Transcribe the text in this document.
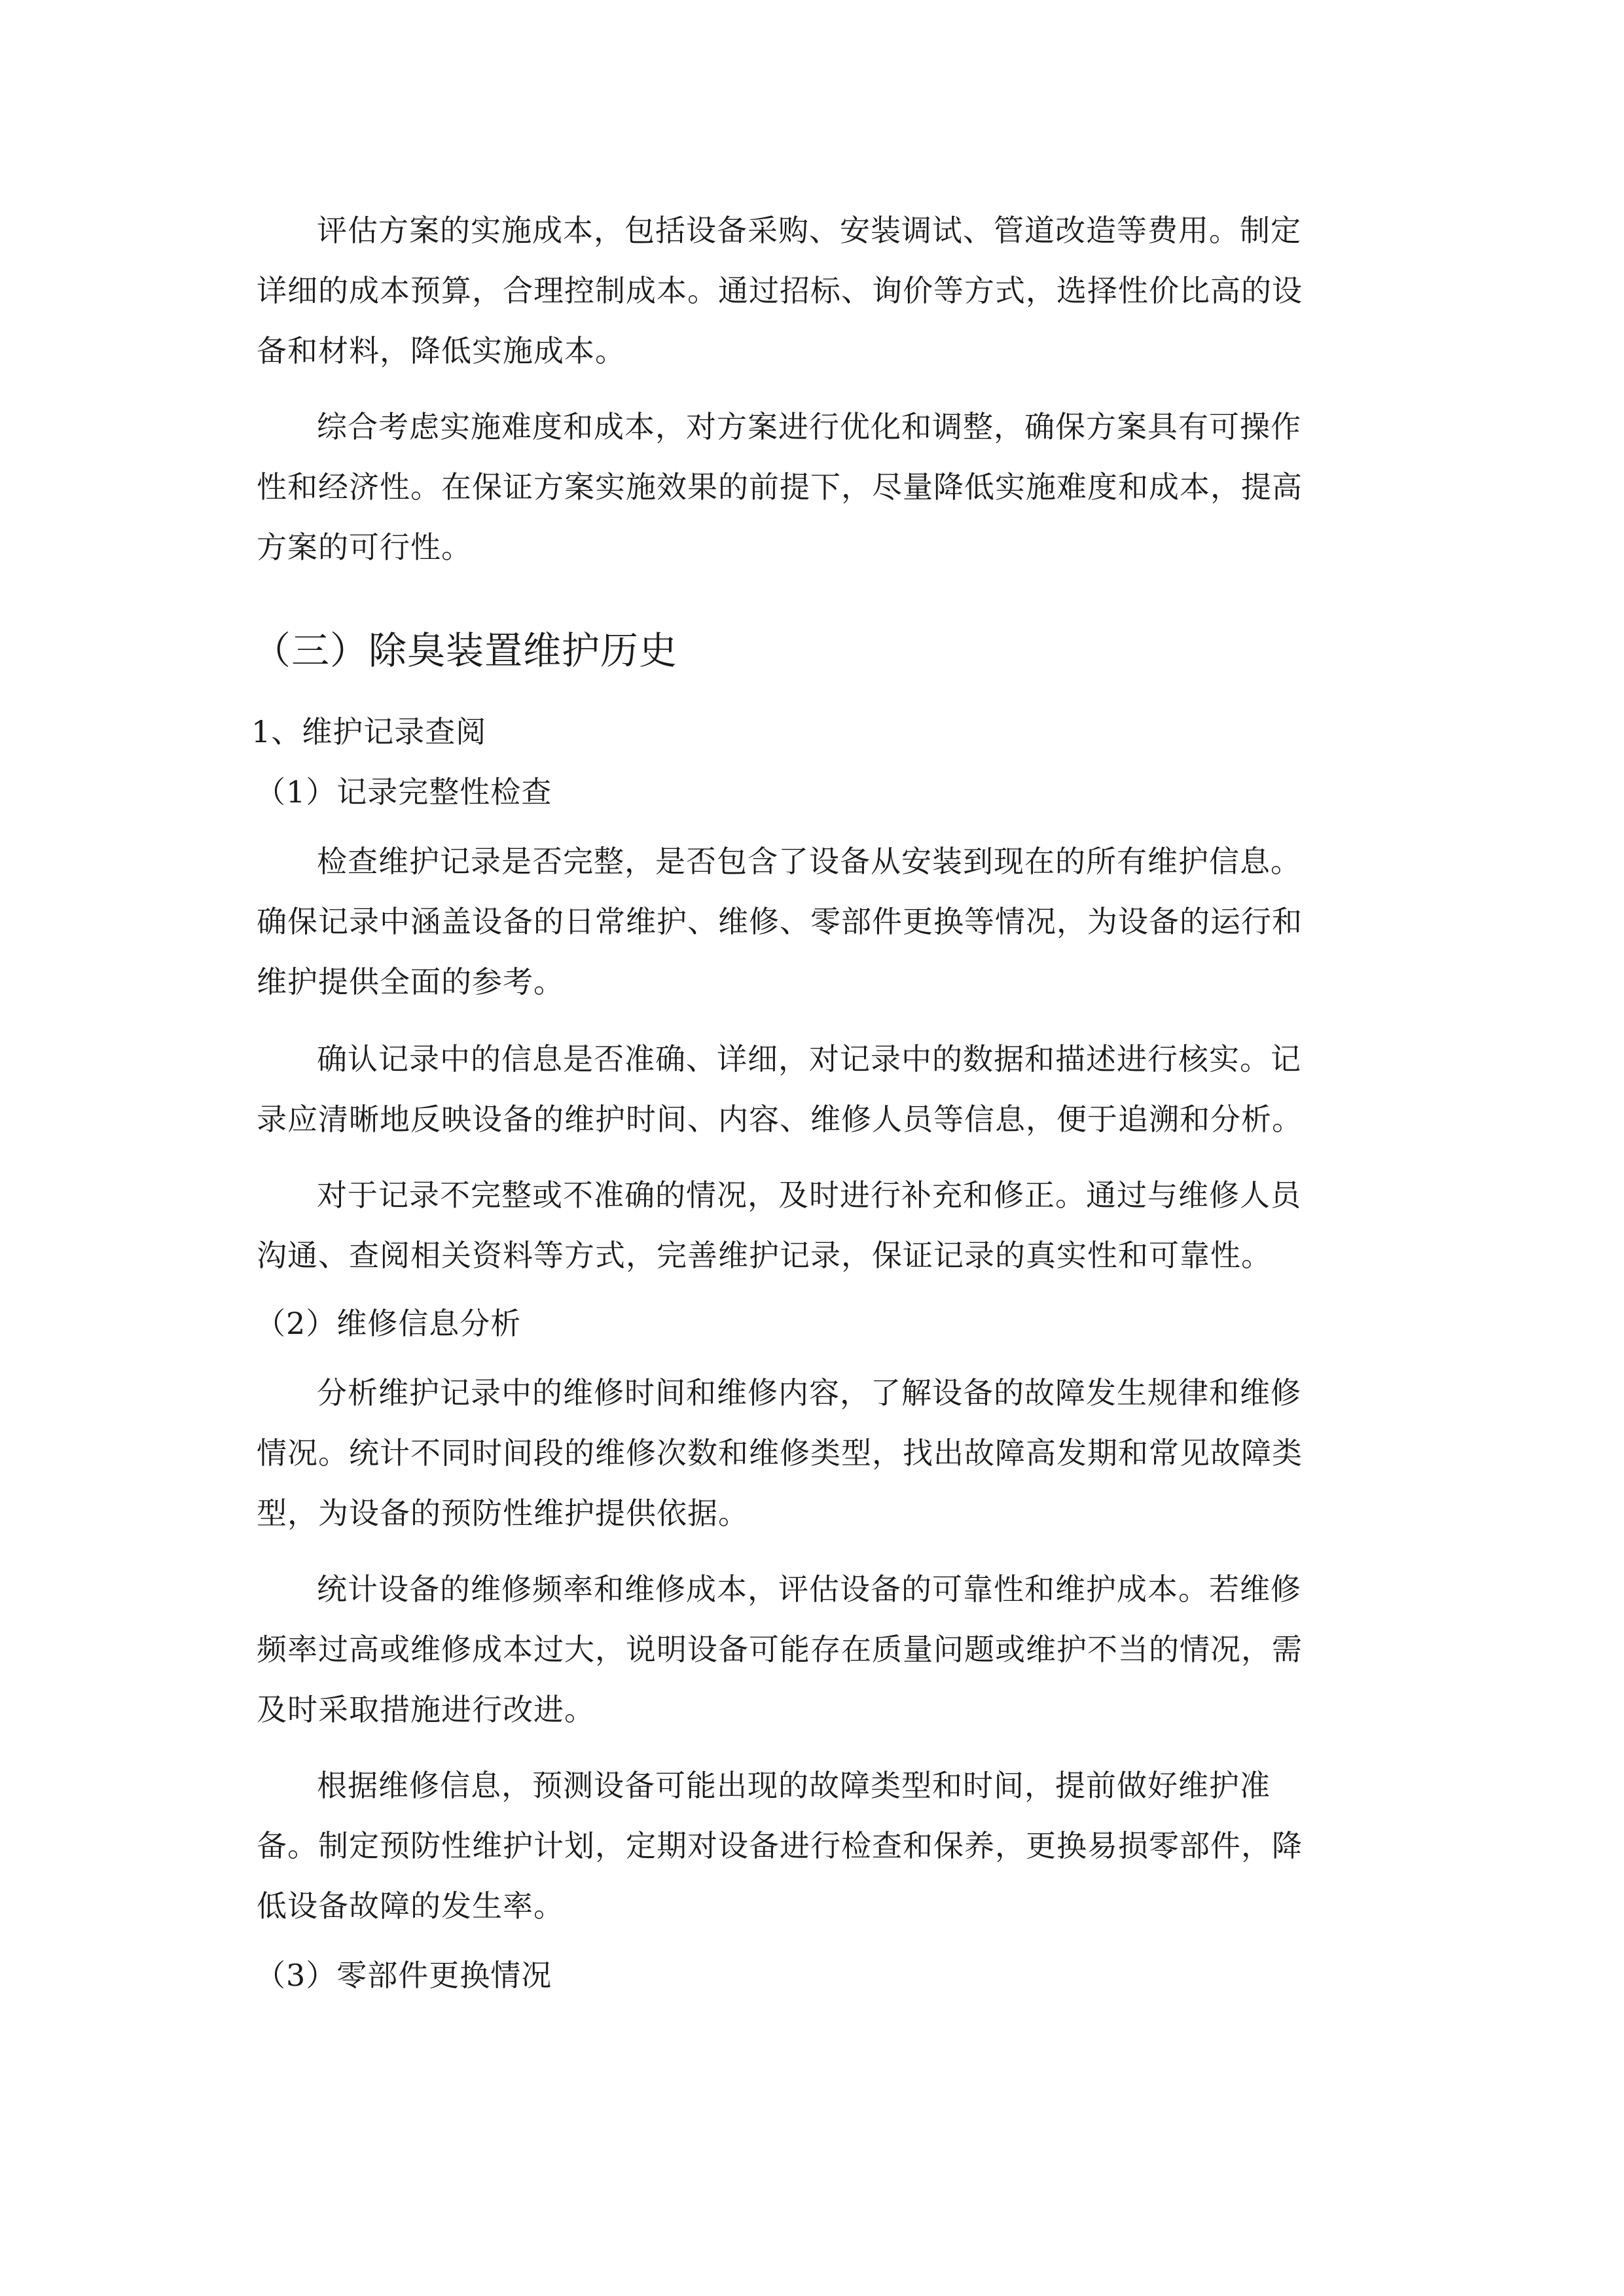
评估方案的实施成本，包括设备采购、安装调试、管道改造等费用。制定
详细的成本预算，合理控制成本。通过招标、询价等方式，选择性价比高的设
备和材料，降低实施成本。
综合考虑实施难度和成本，对方案进行优化和调整，确保方案具有可操作
性和经济性。在保证方案实施效果的前提下，尽量降低实施难度和成本，提高
方案的可行性。
（三）除臭装置维护历史
1、维护记录查阅
（1）记录完整性检查
检查维护记录是否完整，是否包含了设备从安装到现在的所有维护信息。
确保记录中涵盖设备的日常维护、维修、零部件更换等情况，为设备的运行和
维护提供全面的参考。
确认记录中的信息是否准确、详细，对记录中的数据和描述进行核实。记
录应清晰地反映设备的维护时间、内容、维修人员等信息，便于追溯和分析。
对于记录不完整或不准确的情况，及时进行补充和修正。通过与维修人员
沟通、查阅相关资料等方式，完善维护记录，保证记录的真实性和可靠性。
（2）维修信息分析
分析维护记录中的维修时间和维修内容，了解设备的故障发生规律和维修
情况。统计不同时间段的维修次数和维修类型，找出故障高发期和常见故障类
型，为设备的预防性维护提供依据。
统计设备的维修频率和维修成本，评估设备的可靠性和维护成本。若维修
频率过高或维修成本过大，说明设备可能存在质量问题或维护不当的情况，需
及时采取措施进行改进。
根据维修信息，预测设备可能出现的故障类型和时间，提前做好维护准
备。制定预防性维护计划，定期对设备进行检查和保养，更换易损零部件，降
低设备故障的发生率。
（3）零部件更换情况
